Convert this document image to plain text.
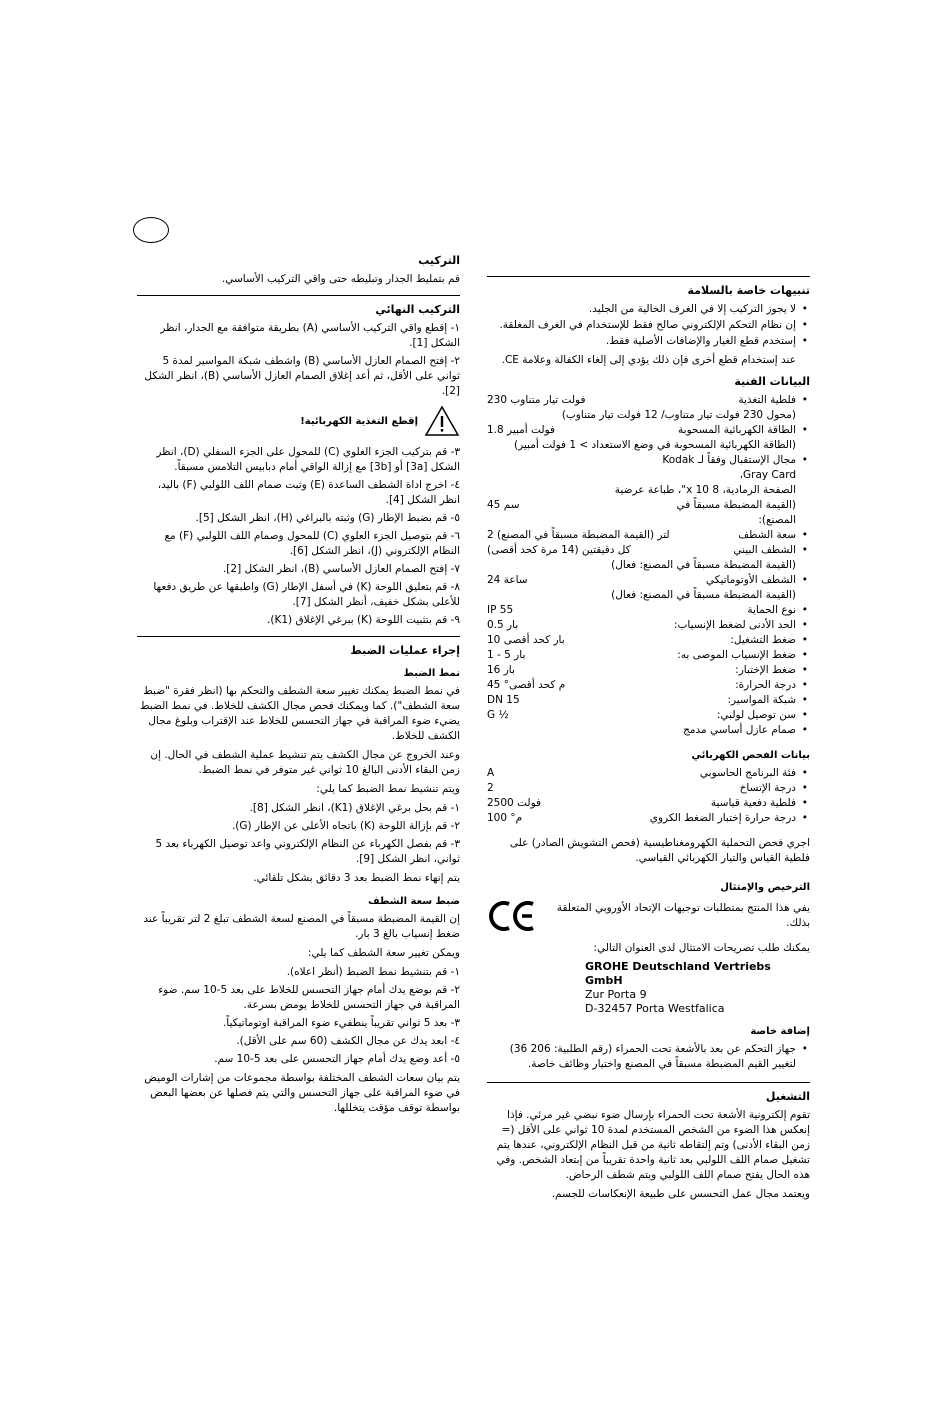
التركيب

قم بتمليط الجدار وتبليطه حتى واقي التركيب الأساسي.

التركيب النهائي
١- إقطع واقي التركيب الأساسي (A) بطريقة متوافقة مع الجدار، انظر الشكل [1].
٢- إفتح الصمام العازل الأساسي (B) واشطف شبكة المواسير لمدة 5 ثواني على الأقل، ثم أعد إغلاق الصمام العازل الأساسي (B)، انظر الشكل [2].
إقطع التغذية الكهربائية!
٣- قم بتركيب الجزء العلوي (C) للمحول على الجزء السفلي (D)، انظر الشكل [3a] أو [3b] مع إزالة الواقي أمام دبابيس التلامس مسبقاً.
٤- اخرج اداة الشطف الساعدة (E) وثبت صمام اللف اللولبي (F) باليد، انظر الشكل [4].
٥- قم بضبط الإطار (G) وثبته بالبراغي (H)، انظر الشكل [5].
٦- قم بتوصيل الجزء العلوي (C) للمحول وصمام اللف اللولبي (F) مع النظام الإلكتروني (J)، انظر الشكل [6].
٧- إفتح الصمام العازل الأساسي (B)، انظر الشكل [2].
٨- قم بتعليق اللوحة (K) في أسفل الإطار (G) واطبقها عن طريق دفعها للأعلى بشكل خفيف، أنظر الشكل [7].
٩- قم بتثبيت اللوحة (K) ببرغي الإغلاق (K1).
إجراء عمليات الضبط
نمط الضبط

في نمط الضبط يمكنك تغيير سعة الشطف والتحكم بها (انظر فقرة "ضبط سعة الشطف"). كما ويمكنك فحص مجال الكشف للخلاط. في نمط الضبط يضيء ضوء المراقبة في جهاز التحسس للخلاط عند الإقتراب وبلوغ مجال الكشف للخلاط.

وعند الخروج عن مجال الكشف يتم تنشيط عملية الشطف في الحال. إن زمن البقاء الأدنى البالغ 10 ثواني غير متوفر في نمط الضبط.

ويتم تنشيط نمط الضبط كما يلي:

١- قم بحل برغي الإغلاق (K1)، انظر الشكل [8].
٢- قم بإزالة اللوحة (K) باتجاه الأعلى عن الإطار (G).
٣- قم بفصل الكهرباء عن النظام الإلكتروني واعد توصيل الكهرباء بعد 5 ثواني، انظر الشكل [9].

يتم إنهاء نمط الضبط بعد 3 دقائق بشكل تلقائي.

ضبط سعة الشطف

إن القيمة المضبطة مسبقاً في المصنع لسعة الشطف تبلغ 2 لتر تقريباً عند ضغط إنسياب بالغ 3 بار.

ويمكن تغيير سعة الشطف كما يلي:

١- قم بتنشيط نمط الضبط (أنظر اعلاه).
٢- قم بوضع يدك أمام جهاز التحسس للخلاط على بعد 5-10 سم. ضوء المراقبة في جهاز التحسس للخلاط يومض بسرعة.
٣- بعد 5 ثواني تقريباً ينطفيء ضوء المراقبة اوتوماتيكياً.
٤- ابعد يدك عن مجال الكشف (60 سم على الأقل).
٥- أعد وضع يدك أمام جهاز التحسس على بعد 5-10 سم.

يتم بيان سعات الشطف المختلفة بواسطة مجموعات من إشارات الوميض في ضوء المراقبة على جهاز التحسس والتي يتم فصلها عن بعضها البعض بواسطة توقف مؤقت يتخللها.

تنبيهات خاصة بالسلامة
• لا يجوز التركيب إلا في الغرف الخالية من الجليد.
• إن نظام التحكم الإلكتروني صالح فقط للإستخدام في الغرف المغلقة.
• إستخدم قطع الغيار والإضافات الأصلية فقط.

عند إستخدام قطع أخرى فإن ذلك يؤدي إلى إلغاء الكفالة وعلامة CE.

البيانات الفنية
• فلطية التغذية
230 فولت تيار متناوب
(محول 230 فولت تيار متناوب/ 12 فولت تيار متناوب)
• الطاقة الكهربائية المسحوبة
1.8 فولت أمبير
(الطاقة الكهربائية المسحوبة في وضع الاستعداد > 1 فولت أمبير)
• مجال الإستقبال وفقاً لـ Kodak Gray Card،
الصفحة الرمادية، 8 x 10"، طباعة عرضية
(القيمة المضبطة مسبقاً في المصنع):
45 سم
• سعة الشطف
2 لتر (القيمة المضبطة مسبقاً في المصنع)
• الشطف البيني
كل دقيقتين (14 مرة كحد أقصى)
(القيمة المضبطة مسبقاً في المصنع: فعال)
• الشطف الأوتوماتيكي
24 ساعة
(القيمة المضبطة مسبقاً في المصنع: فعال)
• نوع الحماية
IP 55
• الحد الأدنى لضغط الإنسياب:
0.5 بار
• ضغط التشغيل:
10 بار كحد أقصى
• ضغط الإنسياب الموصى به:
1 - 5 بار
• ضغط الإختبار:
16 بار
• درجة الحرارة:
45 °م كحد أقصى
• شبكة المواسير:
DN 15
• سن توصيل لولبي:
G ½
• صمام عازل أساسي مدمج
بيانات الفحص الكهربائي
• فئة البرنامج الحاسوبي
A
• درجة الإتساخ
2
• فلطية دفعية قياسية
2500 فولت
• درجة حرارة إختبار الضغط الكروي
100 °م

اجري فحص التحملية الكهرومغناطيسية (فحص التشويش الصادر) على فلطية القياس والتيار الكهربائي القياسي.

الترخيص والإمتثال
يفي هذا المنتج بمتطلبات توجيهات الإتحاد الأوروبي المتعلقة بذلك.

يمكنك طلب تصريحات الامتثال لدى العنوان التالي:

GROHE Deutschland Vertriebs GmbH
Zur Porta 9
D-32457 Porta Westfalica
إضافة خاصة
• جهاز التحكم عن بعد بالأشعة تحت الحمراء (رقم الطلبية: 206 36) لتغيير القيم المضبطة مسبقاً في المصنع واختيار وظائف خاصة.
التشغيل

تقوم إلكترونية الأشعة تحت الحمراء بإرسال ضوء نبضي غير مرئي. فإذا إنعكس هذا الضوء من الشخص المستخدم لمدة 10 ثواني على الأقل (= زمن البقاء الأدنى) وتم إلتقاطه ثانية من قبل النظام الإلكتروني، عندها يتم تشغيل صمام اللف اللولبي بعد ثانية واحدة تقريباً من إبتعاد الشخص. وفي هذه الحال يفتح صمام اللف اللولبي ويتم شطف الرحاض.

ويعتمد مجال عمل التحسس على طبيعة الإنعكاسات للجسم.
